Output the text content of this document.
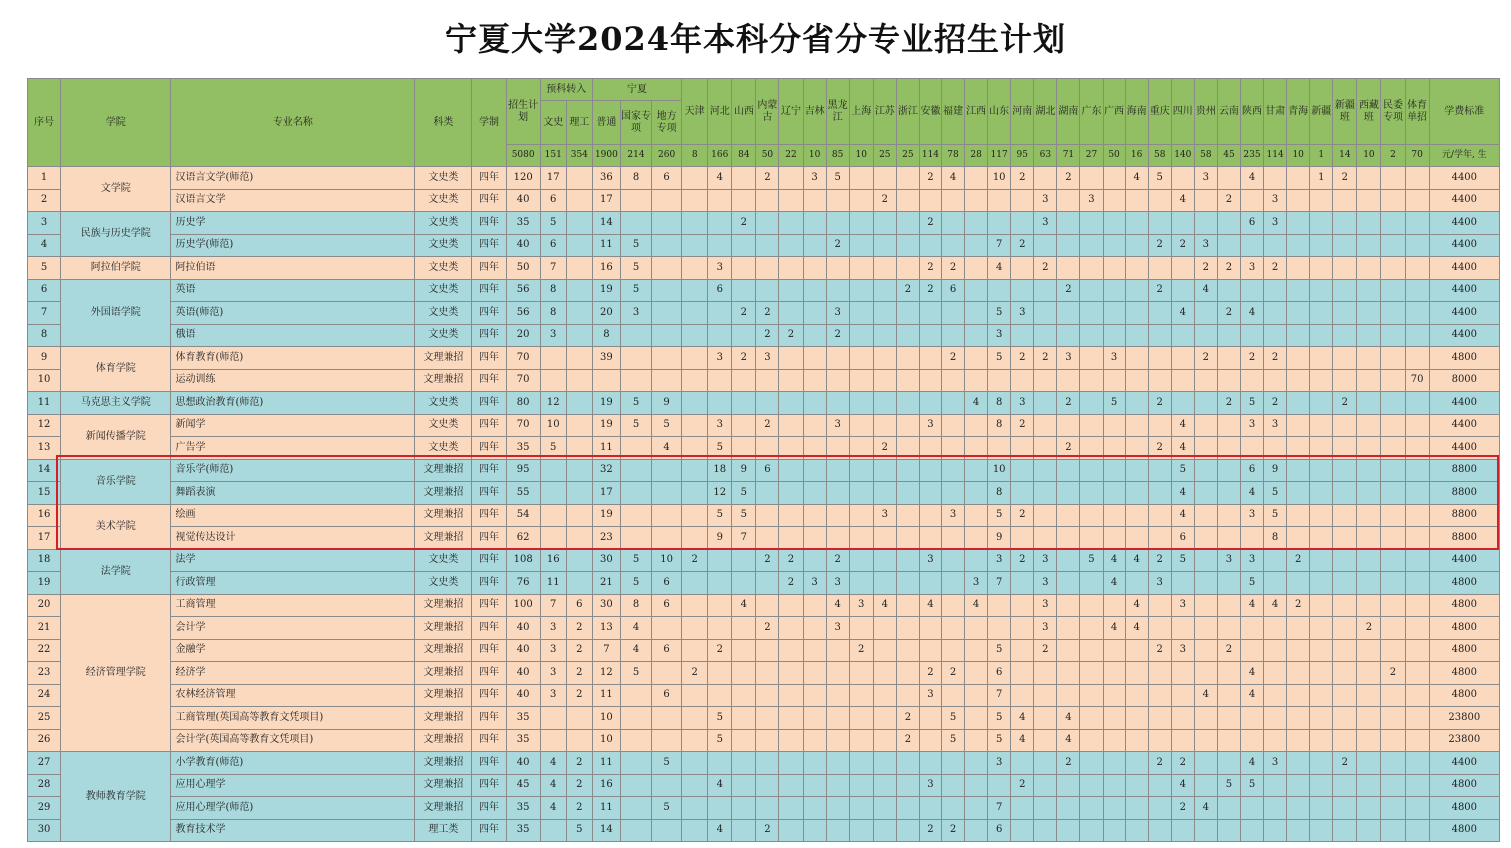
宁夏大学2024年本科分省分专业招生计划
序号	学院	专业名称	科类	学制	招生计划	预科转入		宁夏			天津	河北	山西	内蒙古	辽宁	吉林	黑龙江	上海	江苏	浙江	安徽	福建	江西	山东	河南	湖北	湖南	广东	广西	海南	重庆	四川	贵州	云南	陕西	甘肃	青海	新疆	新疆班	西藏班	民委专项	体育单招	学费标准
						文史	理工	普通	国家专项	地方专项																																	
					5080	151	354	1900	214	260	8	166	84	50	22	10	85	10	25	25	114	78	28	117	95	63	71	27	50	16	58	140	58	45	235	114	10	1	14	10	2	70	元/学年, 生
1	文学院	汉语言文学(师范)	文史类	四年	120	17		36	8	6		4		2		3	5				2	4		10	2		2			4	5		3		4			1	2				4400
2		汉语言文学	文史类	四年	40	6		17											2							3		3				4		2		3							4400
3	民族与历史学院	历史学	文史类	四年	35	5		14					2								2					3									6	3							4400
4		历史学(师范)	文史类	四年	40	6		11	5								2							7	2						2	2	3										4400
5	阿拉伯学院	阿拉伯语	文史类	四年	50	7		16	5			3									2	2		4		2							2	2	3	2							4400
6	外国语学院	英语	文史类	四年	56	8		19	5			6								2	2	6					2				2		4										4400
7		英语(师范)	文史类	四年	56	8		20	3				2	2			3							5	3							4		2	4								4400
8		俄语	文史类	四年	20	3		8						2	2		2							3																			4400
9	体育学院	体育教育(师范)	文理兼招	四年	70			39				3	2	3								2		5	2	2	3		3				2		2	2							4800
10		运动训练	文理兼招	四年	70																																					70	8000
11	马克思主义学院	思想政治教育(师范)	文史类	四年	80	12		19	5	9													4	8	3		2		5		2			2	5	2			2				4400
12	新闻传播学院	新闻学	文史类	四年	70	10		19	5	5		3		2			3				3			8	2							4			3	3							4400
13		广告学	文史类	四年	35	5		11		4		5							2								2				2	4											4400
14	音乐学院	音乐学(师范)	文理兼招	四年	95			32				18	9	6										10								5			6	9							8800
15		舞蹈表演	文理兼招	四年	55			17				12	5											8								4			4	5							8800
16	美术学院	绘画	文理兼招	四年	54			19				5	5						3			3		5	2							4			3	5							8800
17		视觉传达设计	文理兼招	四年	62			23				9	7											9								6				8							8800
18	法学院	法学	文史类	四年	108	16		30	5	10	2			2	2		2				3			3	2	3		5	4	4	2	5		3	3		2						4400
19		行政管理	文史类	四年	76	11		21	5	6					2	3	3						3	7		3			4		3				5								4800
20	经济管理学院	工商管理	文理兼招	四年	100	7	6	30	8	6			4				4	3	4		4		4			3				4		3			4	4	2						4800
21		会计学	文理兼招	四年	40	3	2	13	4					2			3									3			4	4										2			4800
22		金融学	文理兼招	四年	40	3	2	7	4	6		2						2						5		2					2	3		2									4800
23		经济学	文理兼招	四年	40	3	2	12	5		2										2	2		6											4						2		4800
24		农林经济管理	文理兼招	四年	40	3	2	11		6											3			7									4		4								4800
25		工商管理(英国高等教育文凭项目)	文理兼招	四年	35			10				5								2		5		5	4		4																23800
26		会计学(英国高等教育文凭项目)	文理兼招	四年	35			10				5								2		5		5	4		4																23800
27	教师教育学院	小学教育(师范)	文理兼招	四年	40	4	2	11		5														3			2				2	2			4	3			2				4400
28		应用心理学	文理兼招	四年	45	4	2	16				4									3				2							4		5	5								4800
29		应用心理学(师范)	文理兼招	四年	35	4	2	11		5														7								2	4										4800
30		教育技术学	理工类	四年	35		5	14				4		2							2	2		6																			4800
